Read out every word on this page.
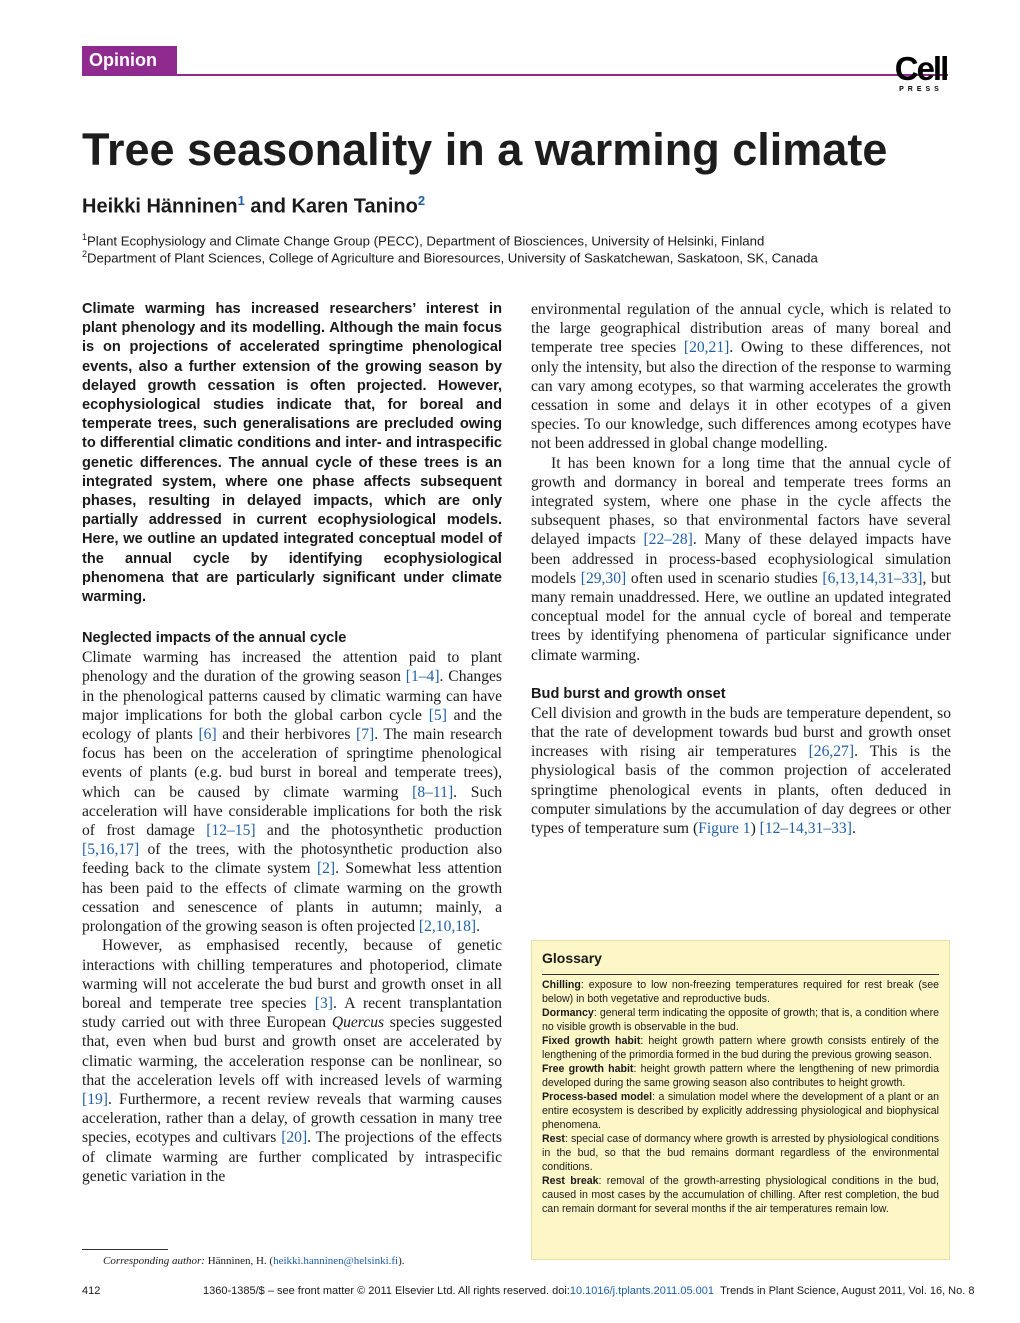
Opinion	Cell
PRESS
Tree seasonality in a warming climate
Heikki Hänninen$^1$ and Karen Tanino$^2$
$^1$Plant Ecophysiology and Climate Change Group (PECC), Department of Biosciences, University of Helsinki, Finland
$^2$Department of Plant Sciences, College of Agriculture and Bioresources, University of Saskatchewan, Saskatoon, SK, Canada

Climate warming has increased researchers’ interest in plant phenology and its modelling. Although the main focus is on projections of accelerated springtime phenological events, also a further extension of the growing season by delayed growth cessation is often projected. However, ecophysiological studies indicate that, for boreal and temperate trees, such generalisations are precluded owing to differential climatic conditions and inter- and intraspecific genetic differences. The annual cycle of these trees is an integrated system, where one phase affects subsequent phases, resulting in delayed impacts, which are only partially addressed in current ecophysiological models. Here, we outline an updated integrated conceptual model of the annual cycle by identifying ecophysiological phenomena that are particularly significant under climate warming.

Neglected impacts of the annual cycle

Climate warming has increased the attention paid to plant phenology and the duration of the growing season [1–4]. Changes in the phenological patterns caused by climatic warming can have major implications for both the global carbon cycle [5] and the ecology of plants [6] and their herbivores [7]. The main research focus has been on the acceleration of springtime phenological events of plants (e.g. bud burst in boreal and temperate trees), which can be caused by climate warming [8–11]. Such acceleration will have considerable implications for both the risk of frost damage [12–15] and the photosynthetic production [5,16,17] of the trees, with the photosynthetic production also feeding back to the climate system [2]. Somewhat less attention has been paid to the effects of climate warming on the growth cessation and senescence of plants in autumn; mainly, a prolongation of the growing season is often projected [2,10,18].

However, as emphasised recently, because of genetic interactions with chilling temperatures and photoperiod, climate warming will not accelerate the bud burst and growth onset in all boreal and temperate tree species [3]. A recent transplantation study carried out with three European Quercus species suggested that, even when bud burst and growth onset are accelerated by climatic warming, the acceleration response can be nonlinear, so that the acceleration levels off with increased levels of warming [19]. Furthermore, a recent review reveals that warming causes acceleration, rather than a delay, of growth cessation in many tree species, ecotypes and cultivars [20]. The projections of the effects of climate warming are further complicated by intraspecific genetic variation in the

environmental regulation of the annual cycle, which is related to the large geographical distribution areas of many boreal and temperate tree species [20,21]. Owing to these differences, not only the intensity, but also the direction of the response to warming can vary among ecotypes, so that warming accelerates the growth cessation in some and delays it in other ecotypes of a given species. To our knowledge, such differences among ecotypes have not been addressed in global change modelling.

It has been known for a long time that the annual cycle of growth and dormancy in boreal and temperate trees forms an integrated system, where one phase in the cycle affects the subsequent phases, so that environmental factors have several delayed impacts [22–28]. Many of these delayed impacts have been addressed in process-based ecophysiological simulation models [29,30] often used in scenario studies [6,13,14,31–33], but many remain unaddressed. Here, we outline an updated integrated conceptual model for the annual cycle of boreal and temperate trees by identifying phenomena of particular significance under climate warming.

Bud burst and growth onset

Cell division and growth in the buds are temperature dependent, so that the rate of development towards bud burst and growth onset increases with rising air temperatures [26,27]. This is the physiological basis of the common projection of accelerated springtime phenological events in plants, often deduced in computer simulations by the accumulation of day degrees or other types of temperature sum (Figure 1) [12–14,31–33].

Glossary

Chilling: exposure to low non-freezing temperatures required for rest break (see below) in both vegetative and reproductive buds.

Dormancy: general term indicating the opposite of growth; that is, a condition where no visible growth is observable in the bud.

Fixed growth habit: height growth pattern where growth consists entirely of the lengthening of the primordia formed in the bud during the previous growing season.

Free growth habit: height growth pattern where the lengthening of new primordia developed during the same growing season also contributes to height growth.

Process-based model: a simulation model where the development of a plant or an entire ecosystem is described by explicitly addressing physiological and biophysical phenomena.

Rest: special case of dormancy where growth is arrested by physiological conditions in the bud, so that the bud remains dormant regardless of the environmental conditions.

Rest break: removal of the growth-arresting physiological conditions in the bud, caused in most cases by the accumulation of chilling. After rest completion, the bud can remain dormant for several months if the air temperatures remain low.

Corresponding author: Hänninen, H. (heikki.hanninen@helsinki.fi).
412	1360-1385/$ – see front matter © 2011 Elsevier Ltd. All rights reserved. doi:10.1016/j.tplants.2011.05.001 Trends in Plant Science, August 2011, Vol. 16, No. 8
